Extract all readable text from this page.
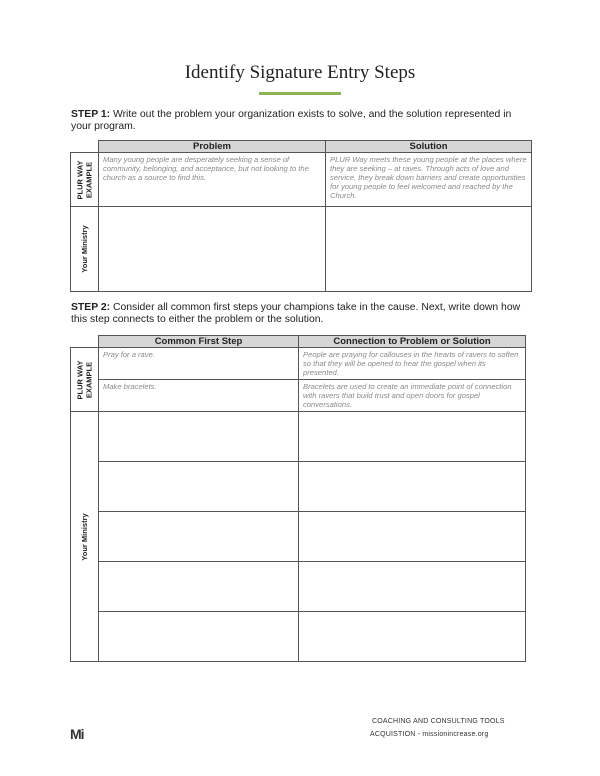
Identify Signature Entry Steps
STEP 1: Write out the problem your organization exists to solve, and the solution represented in your program.
	Problem	Solution

PLUR WAY
EXAMPLE	Many young people are desperately seeking a sense of community, belonging, and acceptance, but not looking to the church as a source to find this.	PLUR Way meets these young people at the places where they are seeking – at raves. Through acts of love and service, they break down barriers and create opportunities for young people to feel welcomed and reached by the Church.

Your Ministry		

STEP 2: Consider all common first steps your champions take in the cause. Next, write down how this step connects to either the problem or the solution.
	Common First Step	Connection to Problem or Solution

PLUR WAY
EXAMPLE	Pray for a rave.	People are praying for callouses in the hearts of ravers to soften so that they will be opened to hear the gospel when its presented.
	Make bracelets.	Bracelets are used to create an immediate point of connection with ravers that build trust and open doors for gospel conversations.

Your Ministry		

Mi
COACHING AND CONSULTING TOOLS
ACQUISTION - missionincrease.org
